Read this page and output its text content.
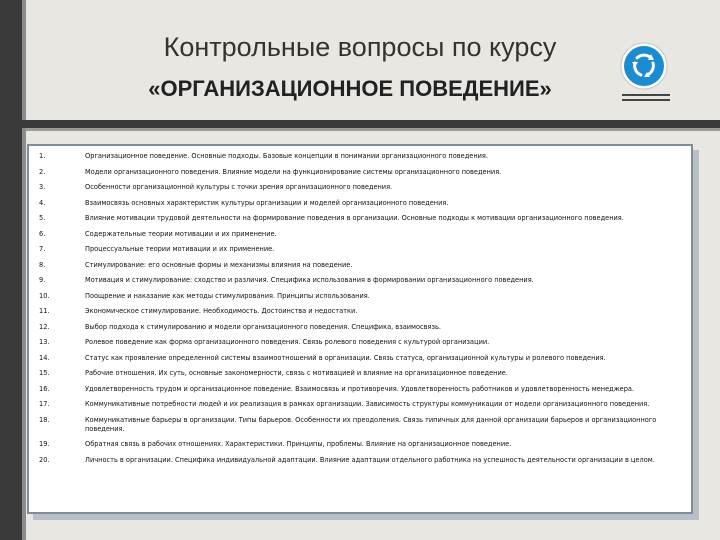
Контрольные вопросы по курсу
«ОРГАНИЗАЦИОННОЕ ПОВЕДЕНИЕ»
1.	Организационное поведение. Основные подходы. Базовые концепции в понимании организационного поведения.
2.	Модели организационного поведения. Влияние модели на функционирование системы организационного поведения.
3.	Особенности организационной культуры с точки зрения организационного поведения.
4.	Взаимосвязь основных характеристик культуры организации и моделей организационного поведения.
5.	Влияние мотивации трудовой деятельности на формирование поведения в организации. Основные подходы к мотивации организационного поведения.
6.	Содержательные теории мотивации и их применение.
7.	Процессуальные теории мотивации и их применение.
8.	Стимулирование: его основные формы и механизмы влияния на поведение.
9.	Мотивация и стимулирование: сходство и различия. Специфика использования в формировании организационного поведения.
10.	Поощрение и наказание как методы стимулирования. Принципы использования.
11.	Экономическое стимулирование. Необходимость. Достоинства и недостатки.
12.	Выбор подхода к стимулированию и модели организационного поведения. Специфика, взаимосвязь.
13.	Ролевое поведение как форма организационного поведения. Связь ролевого поведения с культурой организации.
14.	Статус как проявление определенной системы взаимоотношений в организации. Связь статуса, организационной культуры и ролевого поведения.
15.	Рабочие отношения. Их суть, основные закономерности, связь с мотивацией и влияние на организационное поведение.
16.	Удовлетворенность трудом и организационное поведение. Взаимосвязь и противоречия. Удовлетворенность работников и удовлетворенность менеджера.
17.	Коммуникативные потребности людей и их реализация в рамках организации. Зависимость структуры коммуникации от модели организационного поведения.
18.	Коммуникативные барьеры в организации. Типы барьеров. Особенности их преодоления. Связь типичных для данной организации барьеров и организационного поведения.
19.	Обратная связь в рабочих отношениях. Характеристики. Принципы, проблемы. Влияние на организационное поведение.
20.	Личность в организации. Специфика индивидуальной адаптации. Влияние адаптации отдельного работника на успешность деятельности организации в целом.
